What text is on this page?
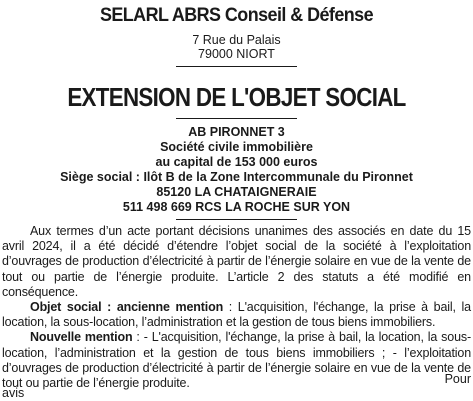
SELARL ABRS Conseil & Défense
7 Rue du Palais
79000 NIORT
EXTENSION DE L'OBJET SOCIAL
AB PIRONNET 3
Société civile immobilière
au capital de 153 000 euros
Siège social : Ilôt B de la Zone Intercommunale du Pironnet
85120 LA CHATAIGNERAIE
511 498 669 RCS LA ROCHE SUR YON

Aux termes d’un acte portant décisions unanimes des associés en date du 15 avril 2024, il a été décidé d’étendre l’objet social de la société à l’exploitation d’ouvrages de production d’électricité à partir de l’énergie solaire en vue de la vente de tout ou partie de l’énergie produite. L’article 2 des statuts a été modifié en conséquence.

Objet social : ancienne mention : L'acquisition, l'échange, la prise à bail, la location, la sous-location, l’administration et la gestion de tous biens immobiliers.

Nouvelle mention : - L'acquisition, l'échange, la prise à bail, la location, la sous-location, l’administration et la gestion de tous biens immobiliers ; - l’exploitation d’ouvrages de production d’électricité à partir de l’énergie solaire en vue de la vente de tout ou partie de l’énergie produite.	Pour
avis
